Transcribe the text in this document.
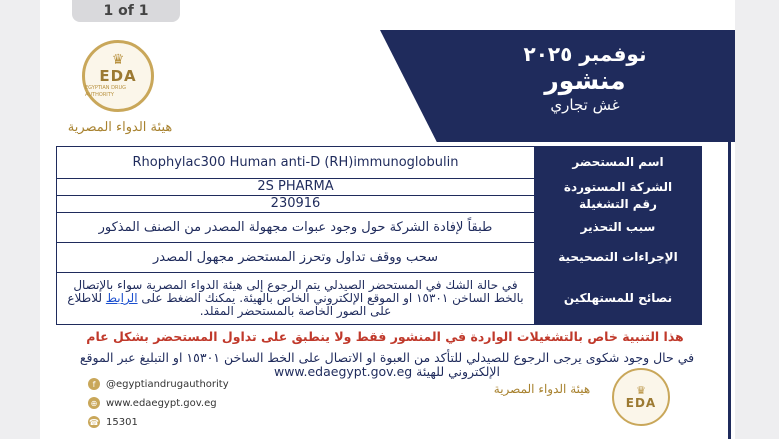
1 of 1
نوفمبر ٢٠٢٥
منشور
غش تجاري
♛
EDA
EGYPTIAN DRUG AUTHORITY
هيئة الدواء المصرية
اسم المستحضر	Rhophylac300 Human anti-D (RH)immunoglobulin
الشركة المستوردة	2S PHARMA
رقم التشغيلة	230916
سبب التحذير	طبقاً لإفادة الشركة حول وجود عبوات مجهولة المصدر من الصنف المذكور
الإجراءات التصحيحية	سحب ووقف تداول وتحرز المستحضر مجهول المصدر
نصائح للمستهلكين	في حالة الشك في المستحضر الصيدلي يتم الرجوع إلى هيئة الدواء المصرية سواء بالإتصال بالخط الساخن ١٥٣٠١ او الموقع الإلكتروني الخاص بالهيئة. يمكنك الضغط على الرابط للاطلاع على الصور الخاصة بالمستحضر المقلد.
هذا التنبية خاص بالتشغيلات الواردة في المنشور فقط ولا ينطبق على تداول المستحضر بشكل عام
في حال وجود شكوى يرجى الرجوع للصيدلي للتأكد من العبوة او الاتصال على الخط الساخن ١٥٣٠١ او التبليغ عبر الموقع الإلكتروني للهيئة www.edaegypt.gov.eg
f	@egyptiandrugauthority
⊕ www.edaegypt.gov.eg
☎ 15301
هيئة الدواء المصرية	♛
EDA
